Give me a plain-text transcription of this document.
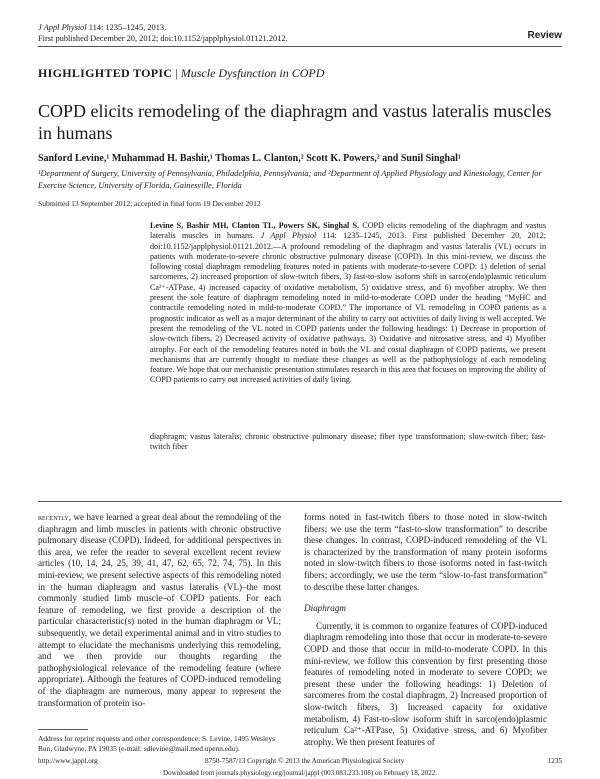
J Appl Physiol 114: 1235–1245, 2013.
First published December 20, 2012; doi:10.1152/japplphysiol.01121.2012.	Review
HIGHLIGHTED TOPIC | Muscle Dysfunction in COPD
COPD elicits remodeling of the diaphragm and vastus lateralis muscles in humans
Sanford Levine,¹ Muhammad H. Bashir,¹ Thomas L. Clanton,² Scott K. Powers,² and Sunil Singhal¹
¹Department of Surgery, University of Pennsylvania, Philadelphia, Pennsylvania; and ²Department of Applied Physiology and Kinesiology, Center for Exercise Science, University of Florida, Gainesville, Florida
Submitted 13 September 2012; accepted in final form 19 December 2012
Levine S, Bashir MH, Clanton TL, Powers SK, Singhal S. COPD elicits remodeling of the diaphragm and vastus lateralis muscles in humans. J Appl Physiol 114: 1235–1245, 2013. First published December 20, 2012; doi:10.1152/japplphysiol.01121.2012.—A profound remodeling of the diaphragm and vastus lateralis (VL) occurs in patients with moderate-to-severe chronic obstructive pulmonary disease (COPD). In this mini-review, we discuss the following costal diaphragm remodeling features noted in patients with moderate-to-severe COPD: 1) deletion of serial sarcomeres, 2) increased proportion of slow-twitch fibers, 3) fast-to-slow isoform shift in sarco(endo)plasmic reticulum Ca²⁺-ATPase, 4) increased capacity of oxidative metabolism, 5) oxidative stress, and 6) myofiber atrophy. We then present the sole feature of diaphragm remodeling noted in mild-to-moderate COPD under the heading “MyHC and contractile remodeling noted in mild-to-moderate COPD.” The importance of VL remodeling in COPD patients as a prognostic indicator as well as a major determinant of the ability to carry out activities of daily living is well accepted. We present the remodeling of the VL noted in COPD patients under the following headings: 1) Decrease in proportion of slow-twitch fibers, 2) Decreased activity of oxidative pathways, 3) Oxidative and nitrosative stress, and 4) Myofiber atrophy. For each of the remodeling features noted in both the VL and costal diaphragm of COPD patients, we present mechanisms that are currently thought to mediate these changes as well as the pathophysiology of each remodeling feature. We hope that our mechanistic presentation stimulates research in this area that focuses on improving the ability of COPD patients to carry out increased activities of daily living.
diaphragm; vastus lateralis; chronic obstructive pulmonary disease; fiber type transformation; slow-twitch fiber; fast-twitch fiber
recently, we have learned a great deal about the remodeling of the diaphragm and limb muscles in patients with chronic obstructive pulmonary disease (COPD). Indeed, for additional perspectives in this area, we refer the reader to several excellent recent review articles (10, 14, 24, 25, 39, 41, 47, 62, 65, 72, 74, 75). In this mini-review, we present selective aspects of this remodeling noted in the human diaphragm and vastus lateralis (VL)–the most commonly studied limb muscle–of COPD patients. For each feature of remodeling, we first provide a description of the particular characteristic(s) noted in the human diaphragm or VL; subsequently, we detail experimental animal and in vitro studies to attempt to elucidate the mechanisms underlying this remodeling, and we then provide our thoughts regarding the pathophysiological relevance of the remodeling feature (where appropriate). Although the features of COPD-induced remodeling of the diaphragm are numerous, many appear to represent the transformation of protein iso-
forms noted in fast-twitch fibers to those noted in slow-twitch fibers; we use the term “fast-to-slow transformation” to describe these changes. In contrast, COPD-induced remodeling of the VL is characterized by the transformation of many protein isoforms noted in slow-twitch fibers to those isoforms noted in fast-twitch fibers; accordingly, we use the term “slow-to-fast transformation” to describe these latter changes.
Diaphragm
Currently, it is common to organize features of COPD-induced diaphragm remodeling into those that occur in moderate-to-severe COPD and those that occur in mild-to-moderate COPD. In this mini-review, we follow this convention by first presenting those features of remodeling noted in moderate to severe COPD; we present these under the following headings: 1) Deletion of sarcomeres from the costal diaphragm, 2) Increased proportion of slow-twitch fibers, 3) Increased capacity for oxidative metabolism, 4) Fast-to-slow isoform shift in sarco(endo)plasmic reticulum Ca²⁺-ATPase, 5) Oxidative stress, and 6) Myofiber atrophy. We then present features of
Address for reprint requests and other correspondence: S. Levine, 1495 Wesleys Run, Gladwyne, PA 19035 (e-mail: sdlevine@mail.med.upenn.edu).
http://www.jappl.org	8750-7587/13 Copyright © 2013 the American Physiological Society	1235
Downloaded from journals.physiology.org/journal/jappl (003.083.233.108) on February 18, 2022.
